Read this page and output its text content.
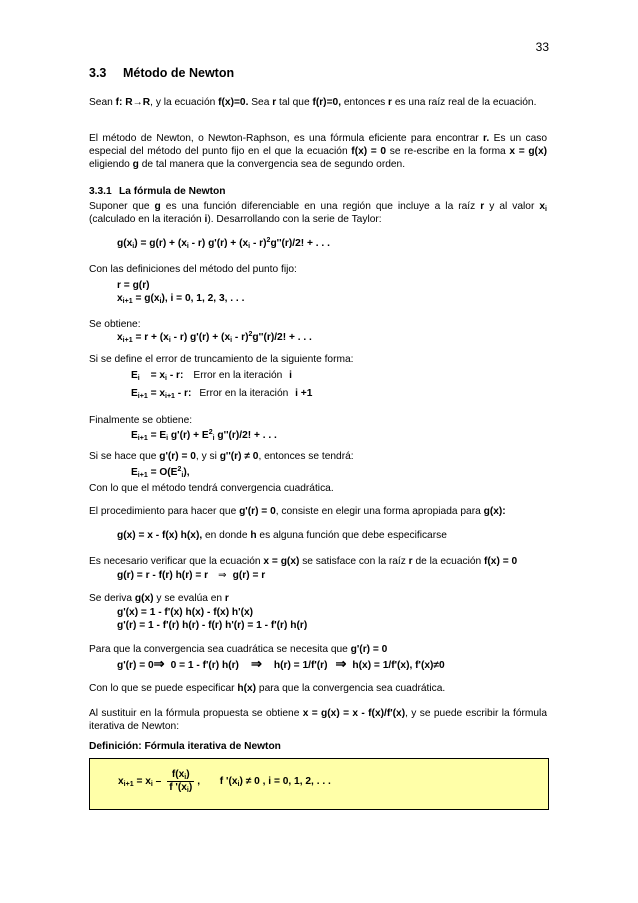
33
3.3 Método de Newton
Sean f: R→R, y la ecuación f(x)=0. Sea r tal que f(r)=0, entonces r es una raíz real de la ecuación.
El método de Newton, o Newton-Raphson, es una fórmula eficiente para encontrar r. Es un caso especial del método del punto fijo en el que la ecuación f(x) = 0 se re-escribe en la forma x = g(x) eligiendo g de tal manera que la convergencia sea de segundo orden.
3.3.1 La fórmula de Newton
Suponer que g es una función diferenciable en una región que incluye a la raíz r y al valor $x_i$ (calculado en la iteración i). Desarrollando con la serie de Taylor:
$g(x_i) = g(r) + (x_i - r) g'(r) + (x_i - r)^2g''(r)/2$! + . . .
Con las definiciones del método del punto fijo:
r = g(r)
$x_{i+1} = g(x_i)$, i = 0, 1, 2, 3, . . .
Se obtiene:
$x_{i+1} = r + (x_i - r) g'(r) + (x_i - r)^2g''(r)/2$! + . . .
Si se define el error de truncamiento de la siguiente forma:
$E_i = x_i - r$: Error en la iteración i
$E_{i+1} = x_{i+1} - r$: Error en la iteración i +1
Finalmente se obtiene:
$E_{i+1} = E_i$ $g'(r) + E^2_i$ g''(r)/2! + . . .
Si se hace que g'(r) = 0, y si g''(r) ≠ 0, entonces se tendrá:
$E_{i+1} = O(E^2_i)$,
Con lo que el método tendrá convergencia cuadrática.
El procedimiento para hacer que g'(r) = 0, consiste en elegir una forma apropiada para g(x):
g(x) = x - f(x) h(x), en donde h es alguna función que debe especificarse
Es necesario verificar que la ecuación x = g(x) se satisface con la raíz r de la ecuación f(x) = 0
g(r) = r - f(r) h(r) = r ⇒ g(r) = r
Se deriva g(x) y se evalúa en r
g'(x) = 1 - f'(x) h(x) - f(x) h'(x)
g'(r) = 1 - f'(r) h(r) - f(r) h'(r) = 1 - f'(r) h(r)
Para que la convergencia sea cuadrática se necesita que g'(r) = 0
g'(r) = 0⇒ 0 = 1 - f'(r) h(r) ⇒ h(r) = 1/f'(r) ⇒ h(x) = 1/f'(x), f'(x)≠0
Con lo que se puede especificar h(x) para que la convergencia sea cuadrática.
Al sustituir en la fórmula propuesta se obtiene x = g(x) = x - f(x)/f'(x), y se puede escribir la fórmula iterativa de Newton:
Definición: Fórmula iterativa de Newton
$x_{i+1} = x_i - \frac{f(x_i)}{f '(x_i)}$ , f '$(x_i) \ne 0$ , i = 0, 1, 2, . . .
